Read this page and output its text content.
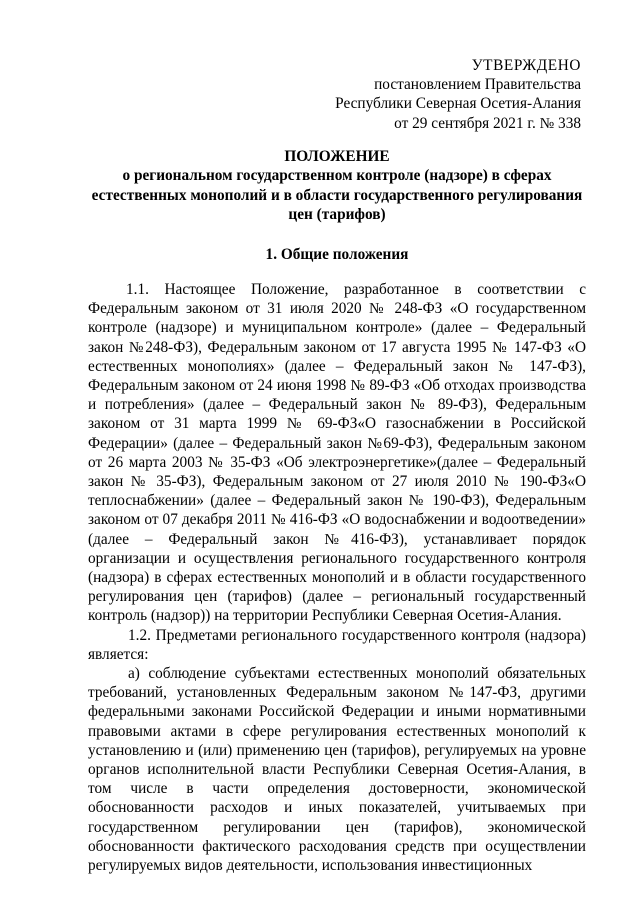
УТВЕРЖДЕНО
постановлением Правительства
Республики Северная Осетия-Алания
от 29 сентября 2021 г. № 338
ПОЛОЖЕНИЕ
о региональном государственном контроле (надзоре) в сферах естественных монополий и в области государственного регулирования цен (тарифов)
1. Общие положения

1.1. Настоящее Положение, разработанное в соответствии с Федеральным законом от 31 июля 2020 № 248-ФЗ «О государственном контроле (надзоре) и муниципальном контроле» (далее – Федеральный закон №248-ФЗ), Федеральным законом от 17 августа 1995 № 147-ФЗ «О естественных монополиях» (далее – Федеральный закон № 147-ФЗ), Федеральным законом от 24 июня 1998 № 89-ФЗ «Об отходах производства и потребления» (далее – Федеральный закон № 89-ФЗ), Федеральным законом от 31 марта 1999 № 69-ФЗ«О газоснабжении в Российской Федерации» (далее – Федеральный закон №69-ФЗ), Федеральным законом от 26 марта 2003 № 35-ФЗ «Об электроэнергетике»(далее – Федеральный закон № 35-ФЗ), Федеральным законом от 27 июля 2010 № 190-ФЗ«О теплоснабжении» (далее – Федеральный закон № 190-ФЗ), Федеральным законом от 07 декабря 2011 № 416-ФЗ «О водоснабжении и водоотведении» (далее – Федеральный закон №416-ФЗ), устанавливает порядок организации и осуществления регионального государственного контроля (надзора) в сферах естественных монополий и в области государственного регулирования цен (тарифов) (далее – региональный государственный контроль (надзор)) на территории Республики Северная Осетия-Алания.

1.2. Предметами регионального государственного контроля (надзора) является:

а) соблюдение субъектами естественных монополий обязательных требований, установленных Федеральным законом №147-ФЗ, другими федеральными законами Российской Федерации и иными нормативными правовыми актами в сфере регулирования естественных монополий к установлению и (или) применению цен (тарифов), регулируемых на уровне органов исполнительной власти Республики Северная Осетия-Алания, в том числе в части определения достоверности, экономической обоснованности расходов и иных показателей, учитываемых при государственном регулировании цен (тарифов), экономической обоснованности фактического расходования средств при осуществлении регулируемых видов деятельности, использования инвестиционных
